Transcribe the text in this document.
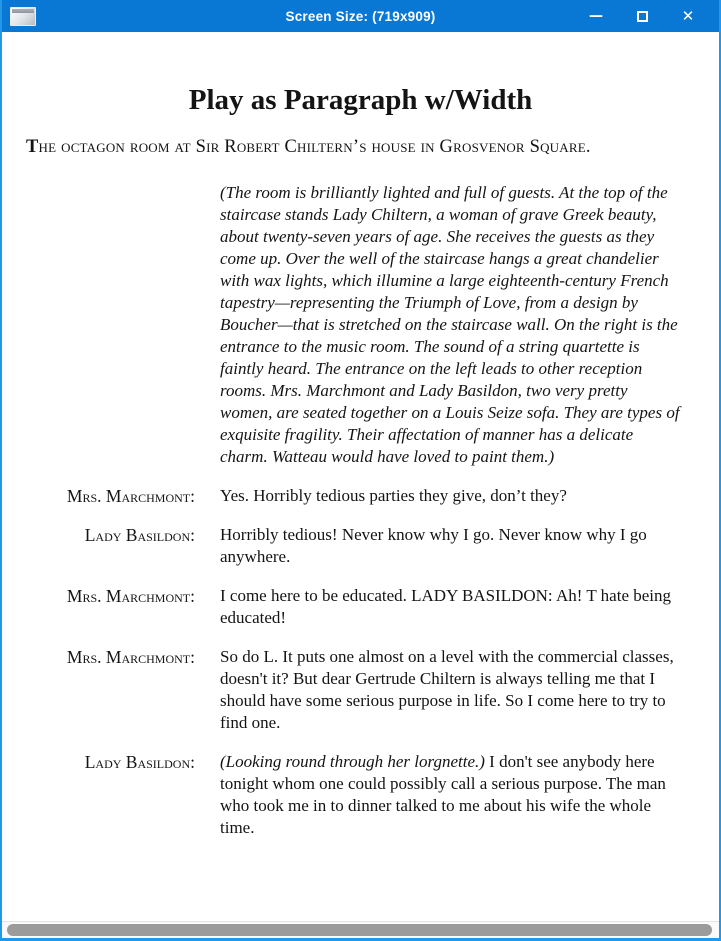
Screen Size: (719x909)	—	✕
Play as Paragraph w/Width

The octagon room at Sir Robert Chiltern’s house in Grosvenor Square.

(The room is brilliantly lighted and full of guests. At the top of the staircase stands Lady Chiltern, a woman of grave Greek beauty, about twenty-seven years of age. She receives the guests as they come up. Over the well of the staircase hangs a great chandelier with wax lights, which illumine a large eighteenth-century French tapestry—representing the Triumph of Love, from a design by Boucher—that is stretched on the staircase wall. On the right is the entrance to the music room. The sound of a string quartette is faintly heard. The entrance on the left leads to other reception rooms. Mrs. Marchmont and Lady Basildon, two very pretty women, are seated together on a Louis Seize sofa. They are types of exquisite fragility. Their affectation of manner has a delicate charm. Watteau would have loved to paint them.)
Mrs. Marchmont: Yes. Horribly tedious parties they give, don’t they?
Lady Basildon: Horribly tedious! Never know why I go. Never know why I go anywhere.
Mrs. Marchmont: I come here to be educated. LADY BASILDON: Ah! T hate being educated!
Mrs. Marchmont: So do L. It puts one almost on a level with the commercial classes, doesn't it? But dear Gertrude Chiltern is always telling me that I should have some serious purpose in life. So I come here to try to find one.
Lady Basildon: (Looking round through her lorgnette.) I don't see anybody here tonight whom one could possibly call a serious purpose. The man who took me in to dinner talked to me about his wife the whole time.
